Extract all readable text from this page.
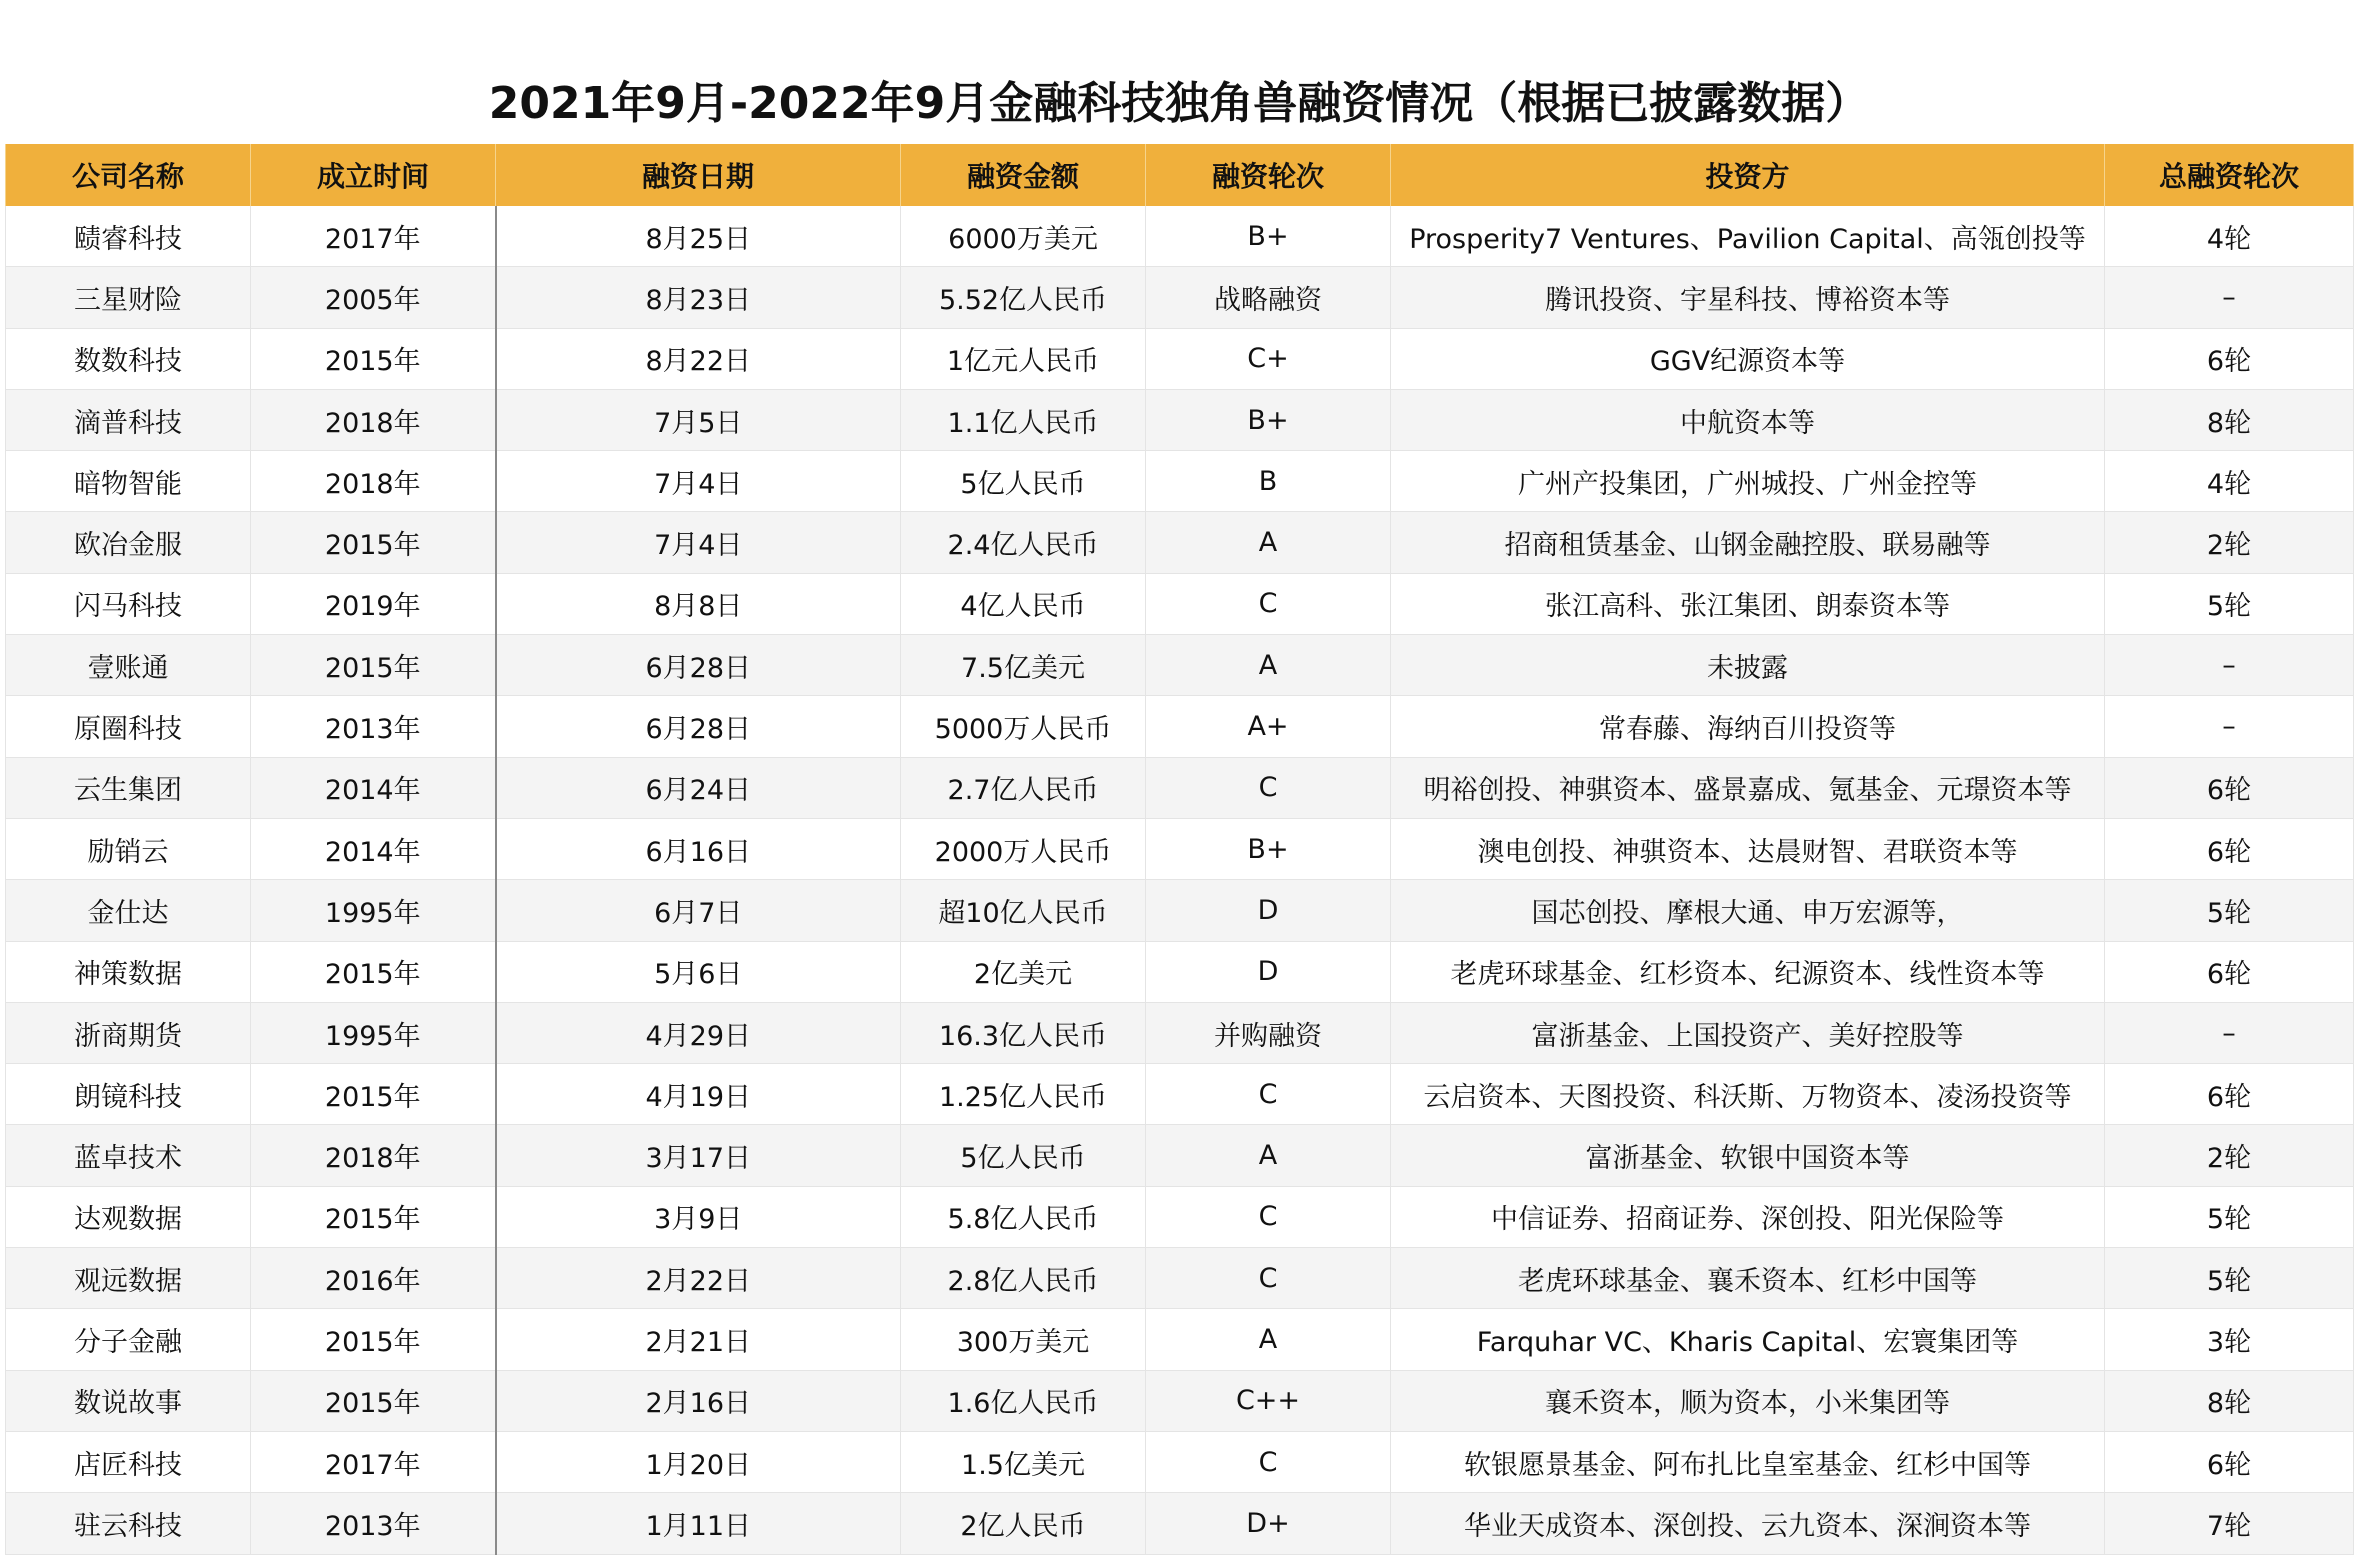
2021年9月-2022年9月金融科技独角兽融资情况（根据已披露数据）
公司名称	成立时间	融资日期	融资金额	融资轮次	投资方	总融资轮次
赜睿科技	2017年	8月25日	6000万美元	B+	Prosperity7 Ventures、Pavilion Capital、高瓴创投等	4轮
三星财险	2005年	8月23日	5.52亿人民币	战略融资	腾讯投资、宇星科技、博裕资本等	–
数数科技	2015年	8月22日	1亿元人民币	C+	GGV纪源资本等	6轮
滴普科技	2018年	7月5日	1.1亿人民币	B+	中航资本等	8轮
暗物智能	2018年	7月4日	5亿人民币	B	广州产投集团，广州城投、广州金控等	4轮
欧冶金服	2015年	7月4日	2.4亿人民币	A	招商租赁基金、山钢金融控股、联易融等	2轮
闪马科技	2019年	8月8日	4亿人民币	C	张江高科、张江集团、朗泰资本等	5轮
壹账通	2015年	6月28日	7.5亿美元	A	未披露	–
原圈科技	2013年	6月28日	5000万人民币	A+	常春藤、海纳百川投资等	–
云生集团	2014年	6月24日	2.7亿人民币	C	明裕创投、神骐资本、盛景嘉成、氪基金、元璟资本等	6轮
励销云	2014年	6月16日	2000万人民币	B+	澳电创投、神骐资本、达晨财智、君联资本等	6轮
金仕达	1995年	6月7日	超10亿人民币	D	国芯创投、摩根大通、申万宏源等，	5轮
神策数据	2015年	5月6日	2亿美元	D	老虎环球基金、红杉资本、纪源资本、线性资本等	6轮
浙商期货	1995年	4月29日	16.3亿人民币	并购融资	富浙基金、上国投资产、美好控股等	–
朗镜科技	2015年	4月19日	1.25亿人民币	C	云启资本、天图投资、科沃斯、万物资本、凌汤投资等	6轮
蓝卓技术	2018年	3月17日	5亿人民币	A	富浙基金、软银中国资本等	2轮
达观数据	2015年	3月9日	5.8亿人民币	C	中信证券、招商证券、深创投、阳光保险等	5轮
观远数据	2016年	2月22日	2.8亿人民币	C	老虎环球基金、襄禾资本、红杉中国等	5轮
分子金融	2015年	2月21日	300万美元	A	Farquhar VC、Kharis Capital、宏寰集团等	3轮
数说故事	2015年	2月16日	1.6亿人民币	C++	襄禾资本，顺为资本，小米集团等	8轮
店匠科技	2017年	1月20日	1.5亿美元	C	软银愿景基金、阿布扎比皇室基金、红杉中国等	6轮
驻云科技	2013年	1月11日	2亿人民币	D+	华业天成资本、深创投、云九资本、深涧资本等	7轮
